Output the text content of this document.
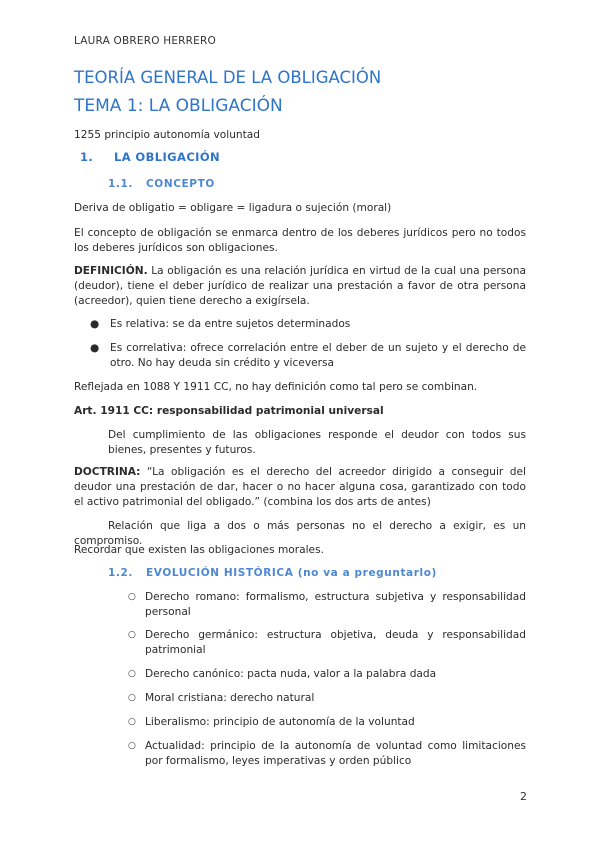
LAURA OBRERO HERRERO
TEORÍA GENERAL DE LA OBLIGACIÓN
TEMA 1: LA OBLIGACIÓN
1255 principio autonomía voluntad
1. LA OBLIGACIÓN
1.1. CONCEPTO
Deriva de obligatio = obligare = ligadura o sujeción (moral)
El concepto de obligación se enmarca dentro de los deberes jurídicos pero no todos los deberes jurídicos son obligaciones.
DEFINICIÓN. La obligación es una relación jurídica en virtud de la cual una persona (deudor), tiene el deber jurídico de realizar una prestación a favor de otra persona (acreedor), quien tiene derecho a exigírsela.
● Es relativa: se da entre sujetos determinados
● Es correlativa: ofrece correlación entre el deber de un sujeto y el derecho de otro. No hay deuda sin crédito y viceversa
Reflejada en 1088 Y 1911 CC, no hay definición como tal pero se combinan.
Art. 1911 CC: responsabilidad patrimonial universal
Del cumplimiento de las obligaciones responde el deudor con todos sus bienes, presentes y futuros.
DOCTRINA: “La obligación es el derecho del acreedor dirigido a conseguir del deudor una prestación de dar, hacer o no hacer alguna cosa, garantizado con todo el activo patrimonial del obligado.” (combina los dos arts de antes)
Relación que liga a dos o más personas no el derecho a exigir, es un compromiso.
Recordar que existen las obligaciones morales.
1.2. EVOLUCIÓN HISTÓRICA (no va a preguntarlo)
○ Derecho romano: formalismo, estructura subjetiva y responsabilidad personal
○ Derecho germánico: estructura objetiva, deuda y responsabilidad patrimonial
○ Derecho canónico: pacta nuda, valor a la palabra dada
○ Moral cristiana: derecho natural
○ Liberalismo: principio de autonomía de la voluntad
○ Actualidad: principio de la autonomía de voluntad como limitaciones por formalismo, leyes imperativas y orden público
2
